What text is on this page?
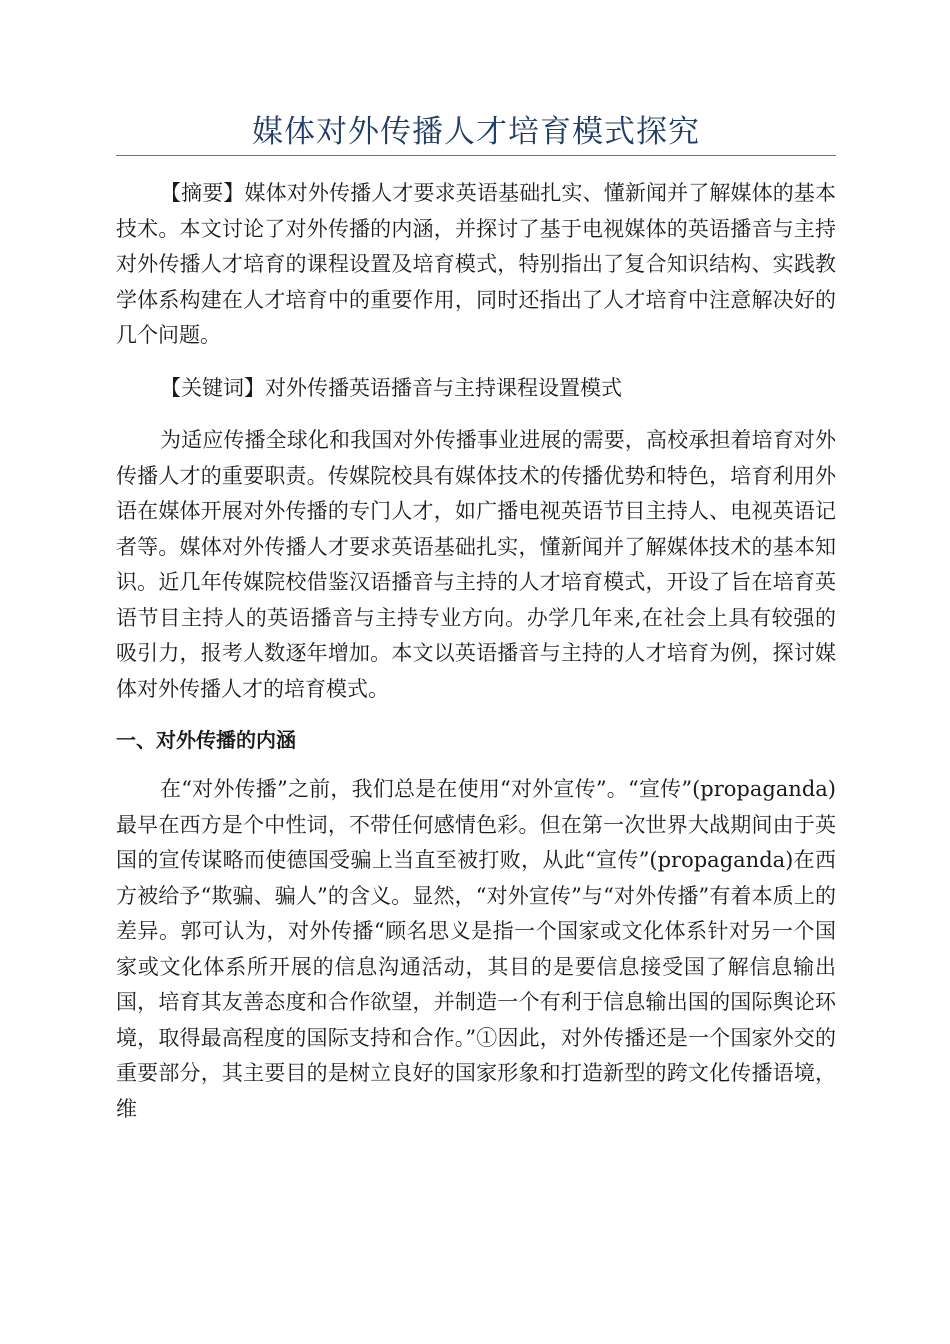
媒体对外传播人才培育模式探究

【摘要】媒体对外传播人才要求英语基础扎实、懂新闻并了解媒体的基本技术。本文讨论了对外传播的内涵，并探讨了基于电视媒体的英语播音与主持对外传播人才培育的课程设置及培育模式，特别指出了复合知识结构、实践教学体系构建在人才培育中的重要作用，同时还指出了人才培育中注意解决好的几个问题。

【关键词】对外传播英语播音与主持课程设置模式

为适应传播全球化和我国对外传播事业进展的需要，高校承担着培育对外传播人才的重要职责。传媒院校具有媒体技术的传播优势和特色，培育利用外语在媒体开展对外传播的专门人才，如广播电视英语节目主持人、电视英语记者等。媒体对外传播人才要求英语基础扎实，懂新闻并了解媒体技术的基本知识。近几年传媒院校借鉴汉语播音与主持的人才培育模式，开设了旨在培育英语节目主持人的英语播音与主持专业方向。办学几年来,在社会上具有较强的吸引力，报考人数逐年增加。本文以英语播音与主持的人才培育为例，探讨媒体对外传播人才的培育模式。

一、对外传播的内涵

在“对外传播”之前，我们总是在使用“对外宣传”。“宣传”(propaganda)最早在西方是个中性词，不带任何感情色彩。但在第一次世界大战期间由于英国的宣传谋略而使德国受骗上当直至被打败，从此“宣传”(propaganda)在西方被给予“欺骗、骗人”的含义。显然，“对外宣传”与“对外传播”有着本质上的差异。郭可认为，对外传播“顾名思义是指一个国家或文化体系针对另一个国家或文化体系所开展的信息沟通活动，其目的是要信息接受国了解信息输出国，培育其友善态度和合作欲望，并制造一个有利于信息输出国的国际舆论环境，取得最高程度的国际支持和合作。”①因此，对外传播还是一个国家外交的重要部分，其主要目的是树立良好的国家形象和打造新型的跨文化传播语境，维
